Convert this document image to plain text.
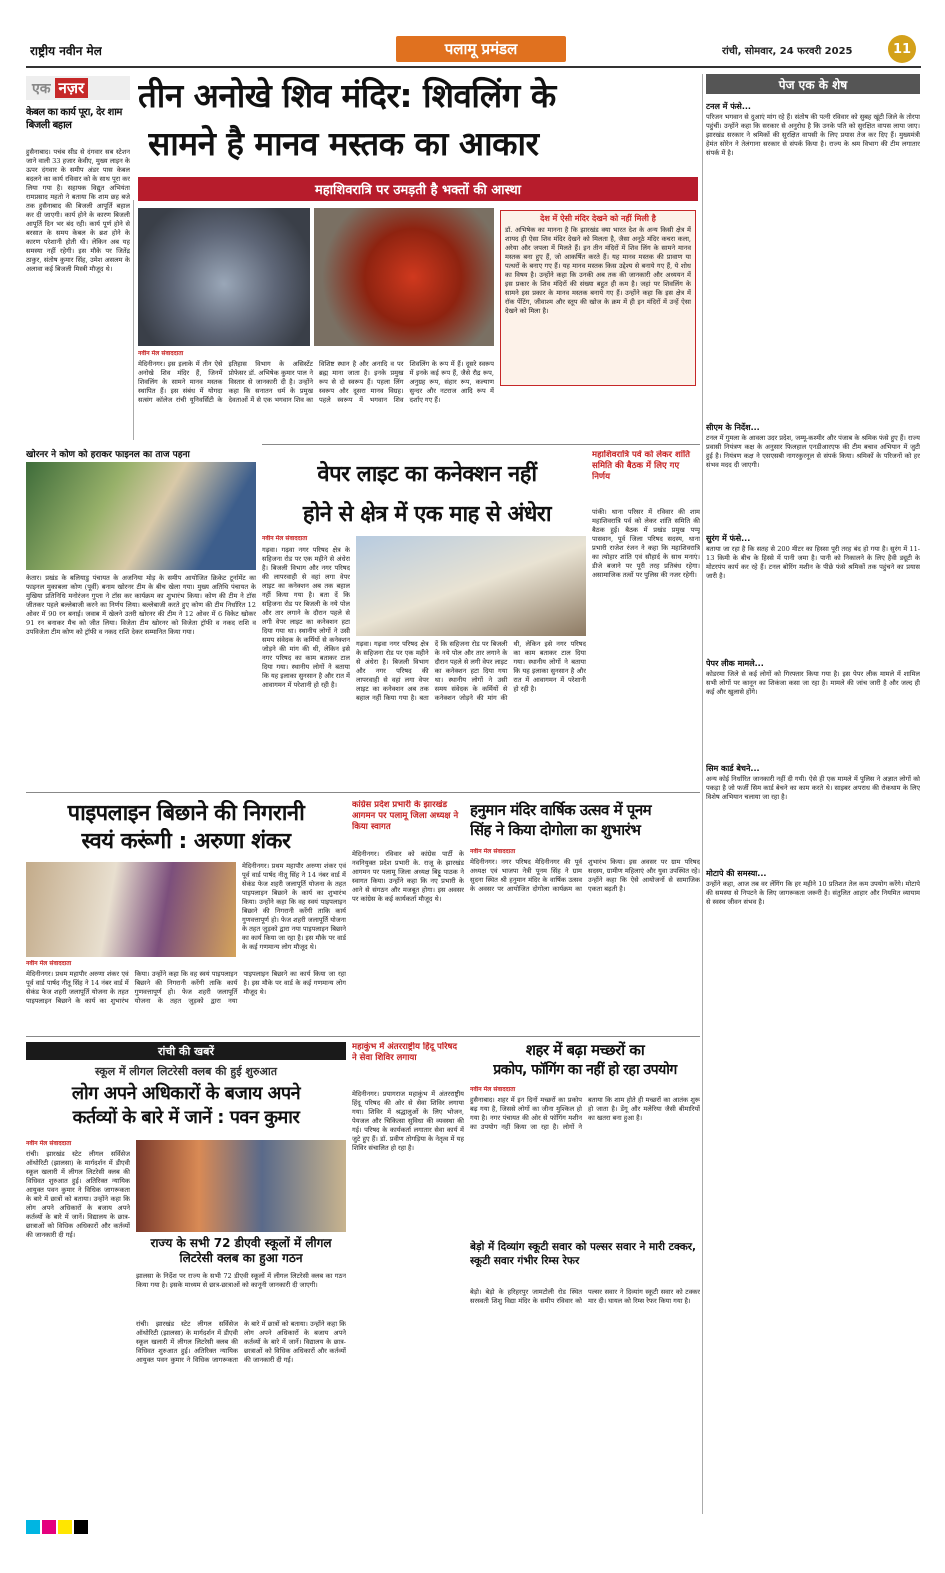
राष्ट्रीय नवीन मेल	पलामू प्रमंडल	रांची, सोमवार, 24 फरवरी 2025	11
एक नज़र
केबल का कार्य पूरा, देर शाम बिजली बहाल
हुसैनाबाद। पचंब सीड से दंगवार सब स्टेशन जाने वाली 33 हजार केवीए, मुख्य लाइन के ऊपर दंगवार के समीप अंडर पास केबल बदलने का कार्य रविवार को के साथ पूरा कर लिया गया है। सहायक विद्युत अभियंता रामप्रसाद महतो ने बताया कि शाम छह बजे तक हुसैनाबाद की बिजली आपूर्ति बहाल कर दी जाएगी। कार्य होने के कारण बिजली आपूर्ति दिन भर बंद रही। कार्य पूर्ण होने से बरसात के समय केबल के ब्रश होने के कारण परेशानी होती थी। लेकिन अब यह समस्या नहीं रहेगी। इस मौके पर जितेंद्र ठाकुर, संतोष कुमार सिंह, उमेश असलम के अलावा कई बिजली मिस्त्री मौजूद थे।
तीन अनोखे शिव मंदिर: शिवलिंग के
सामने है मानव मस्तक का आकार
महाशिवरात्रि पर उमड़ती है भक्तों की आस्था
देश में ऐसी मंदिर देखने को नहीं मिली है
डॉ. अभिषेक का मानना है कि झारखंड क्या भारत देश के अन्य किसी क्षेत्र में शायद ही ऐसा शिव मंदिर देखने को मिलता है, जैसा अनूठे मंदिर कचरा कला, अरेया और जपला में मिलते हैं। इन तीन मंदिरों में शिव लिंग के सामने मानव मस्तक बना हुए हैं, जो आकर्षित करते हैं। यह मानव मस्तक की प्रावाण या पत्थरों के बनाए गए हैं। यह मानव मस्तक किस उद्देश्य से बनाये गए हैं, ये शोध का विषय है। उन्होंने कहा कि उनकी अब तक की जानकारी और अध्ययन में इस प्रकार के शिव मंदिरों की संख्या बहुत ही कम है। जहां पर शिवलिंग के सामने इस प्रकार के मानव मस्तक बनाये गए हैं। उन्होंने कहा कि इस क्षेत्र में रॉक पेंटिंग, जीवाश्म और स्तूप की खोज के क्रम में ही इन मंदिरों में उन्हें ऐसा देखने को मिला है।
नवीन मेल संवाददाता
मेदिनीनगर। इस इलाके में तीन ऐसे अनोखे शिव मंदिर हैं, जिनमें शिवलिंग के सामने मानव मस्तक स्थापित हैं। इस संबंध में योगदा सत्संग कॉलेज रांची यूनिवर्सिटी के इतिहास विभाग के असिस्टेंट प्रोफेसर डॉ. अभिषेक कुमार पाल ने विस्तार से जानकारी दी है। उन्होंने कहा कि सनातन धर्म के प्रमुख देवताओं में से एक भगवान शिव का विशिष्ट स्थान है और अनादि व पर ब्रह्म माना जाता है। इनके प्रमुख रूप से दो स्वरूप हैं। पहला लिंग स्वरूप और दूसरा मानव विग्रह। पहले स्वरूप में भगवान शिव शिवलिंग के रूप में हैं। दूसरे स्वरूप में इनके कई रूप हैं, जैसे रौद्र रूप, अनुग्रह रूप, संहार रूप, कल्याण सुन्दर और नटराज आदि रूप में दर्शाए गए हैं।
खोरनर ने कोण को हराकर फाइनल का ताज पहना
केतार। प्रखंड के बलियाडु पंचायत के अजनिया मोड़ के समीप आयोजित क्रिकेट टूर्नामेंट का फाइनल मुकाबला कोण (पूर्वी) बनाम खोरनर टीम के बीच खेला गया। मुख्य अतिथि पंचायत के मुखिया प्रतिनिधि मनोरंजन गुप्ता ने टॉस कर कार्यक्रम का शुभारंभ किया। कोण की टीम ने टॉस जीतकर पहले बल्लेबाजी करने का निर्णय लिया। बल्लेबाजी करते हुए कोण की टीम निर्धारित 12 ओवर में 90 रन बनाई। जवाब में खेलने उतरी खोरनर की टीम ने 12 ओवर में 6 विकेट खोकर 91 रन बनाकर मैच को जीत लिया। विजेता टीम खोरनर को विजेता ट्रॉफी व नकद राशि व उपविजेता टीम कोण को ट्रॉफी व नकद राशि देकर सम्मानित किया गया।
वेपर लाइट का कनेक्शन नहीं
होने से क्षेत्र में एक माह से अंधेरा
नवीन मेल संवाददाता
गढ़वा। गढ़वा नगर परिषद क्षेत्र के सहिजना रोड पर एक महीने से अंधेरा है। बिजली विभाग और नगर परिषद की लापरवाही से वहां लगा वेपर लाइट का कनेक्शन अब तक बहाल नहीं किया गया है। बता दें कि सहिजना रोड पर बिजली के नये पोल और तार लगाने के दौरान पहले से लगी वेपर लाइट का कनेक्शन हटा दिया गया था। स्थानीय लोगों ने उसी समय संवेदक के कर्मियों से कनेक्शन जोड़ने की मांग की थी, लेकिन इसे नगर परिषद का काम बताकर टाल दिया गया। स्थानीय लोगों ने बताया कि यह इलाका सुनसान है और रात में आवागमन में परेशानी हो रही है।
गढ़वा। गढ़वा नगर परिषद क्षेत्र के सहिजना रोड पर एक महीने से अंधेरा है। बिजली विभाग और नगर परिषद की लापरवाही से वहां लगा वेपर लाइट का कनेक्शन अब तक बहाल नहीं किया गया है। बता दें कि सहिजना रोड पर बिजली के नये पोल और तार लगाने के दौरान पहले से लगी वेपर लाइट का कनेक्शन हटा दिया गया था। स्थानीय लोगों ने उसी समय संवेदक के कर्मियों से कनेक्शन जोड़ने की मांग की थी, लेकिन इसे नगर परिषद का काम बताकर टाल दिया गया। स्थानीय लोगों ने बताया कि यह इलाका सुनसान है और रात में आवागमन में परेशानी हो रही है।
महाशिवरात्रि पर्व को लेकर शांति समिति की बैठक में लिए गए निर्णय
पांकी। थाना परिसर में रविवार की शाम महाशिवरात्रि पर्व को लेकर शांति समिति की बैठक हुई। बैठक में प्रखंड प्रमुख पप्पू पासवान, पूर्व जिला परिषद सदस्य, थाना प्रभारी राजेश रंजन ने कहा कि महाशिवरात्रि का त्योहार शांति एवं सौहार्द के साथ मनाएं। डीजे बजाने पर पूरी तरह प्रतिबंध रहेगा। असामाजिक तत्वों पर पुलिस की नजर रहेगी।
पाइपलाइन बिछाने की निगरानी
स्वयं करूंगी : अरुणा शंकर
नवीन मेल संवाददाता
मेदिनीनगर। प्रथम महापौर अरुणा शंकर एवं पूर्व वार्ड पार्षद नीतू सिंह ने 14 नंबर वार्ड में सेकंड फेज शहरी जलापूर्ति योजना के तहत पाइपलाइन बिछाने के कार्य का शुभारंभ किया। उन्होंने कहा कि वह स्वयं पाइपलाइन बिछाने की निगरानी करेंगी ताकि कार्य गुणवत्तापूर्ण हो। फेज शहरी जलापूर्ति योजना के तहत जुड़को द्वारा नया पाइपलाइन बिछाने का कार्य किया जा रहा है। इस मौके पर वार्ड के कई गणमान्य लोग मौजूद थे।
मेदिनीनगर। प्रथम महापौर अरुणा शंकर एवं पूर्व वार्ड पार्षद नीतू सिंह ने 14 नंबर वार्ड में सेकंड फेज शहरी जलापूर्ति योजना के तहत पाइपलाइन बिछाने के कार्य का शुभारंभ किया। उन्होंने कहा कि वह स्वयं पाइपलाइन बिछाने की निगरानी करेंगी ताकि कार्य गुणवत्तापूर्ण हो। फेज शहरी जलापूर्ति योजना के तहत जुड़को द्वारा नया पाइपलाइन बिछाने का कार्य किया जा रहा है। इस मौके पर वार्ड के कई गणमान्य लोग मौजूद थे।
कांग्रेस प्रदेश प्रभारी के झारखंड आगमन पर पलामू जिला अध्यक्ष ने किया स्वागत
मेदिनीनगर। रविवार को कांग्रेस पार्टी के नवनियुक्त प्रदेश प्रभारी के. राजू के झारखंड आगमन पर पलामू जिला अध्यक्ष बिट्टू पाठक ने स्वागत किया। उन्होंने कहा कि नए प्रभारी के आने से संगठन और मजबूत होगा। इस अवसर पर कांग्रेस के कई कार्यकर्ता मौजूद थे।
हनुमान मंदिर वार्षिक उत्सव में पूनम
सिंह ने किया दोगोला का शुभारंभ
नवीन मेल संवाददाता
मेदिनीनगर। नगर परिषद मेदिनीनगर की पूर्व अध्यक्ष एवं भाजपा नेत्री पूनम सिंह ने ग्राम सुदना स्थित श्री हनुमान मंदिर के वार्षिक उत्सव के अवसर पर आयोजित दोगोला कार्यक्रम का शुभारंभ किया। इस अवसर पर ग्राम परिषद सदस्य, ग्रामीण महिलाएं और युवा उपस्थित रहे। उन्होंने कहा कि ऐसे आयोजनों से सामाजिक एकता बढ़ती है।
रांची की खबरें
स्कूल में लीगल लिटरेसी क्लब की हुई शुरुआत
लोग अपने अधिकारों के बजाय अपने
कर्तव्यों के बारे में जानें : पवन कुमार
नवीन मेल संवाददाता
रांची। झारखंड स्टेट लीगल सर्विसेज ऑथोरिटी (झालसा) के मार्गदर्शन में डीएवी स्कूल खलारी में लीगल लिटरेसी क्लब की विधिवत शुरुआत हुई। अतिरिक्त न्यायिक आयुक्त पवन कुमार ने विधिक जागरूकता के बारे में छात्रों को बताया। उन्होंने कहा कि लोग अपने अधिकारों के बजाय अपने कर्तव्यों के बारे में जानें। विद्यालय के छात्र-छात्राओं को विधिक अधिकारों और कर्तव्यों की जानकारी दी गई।
राज्य के सभी 72 डीएवी स्कूलों में लीगल लिटरेसी क्लब का हुआ गठन
झालसा के निर्देश पर राज्य के सभी 72 डीएवी स्कूलों में लीगल लिटरेसी क्लब का गठन किया गया है। इसके माध्यम से छात्र-छात्राओं को कानूनी जानकारी दी जाएगी।
रांची। झारखंड स्टेट लीगल सर्विसेज ऑथोरिटी (झालसा) के मार्गदर्शन में डीएवी स्कूल खलारी में लीगल लिटरेसी क्लब की विधिवत शुरुआत हुई। अतिरिक्त न्यायिक आयुक्त पवन कुमार ने विधिक जागरूकता के बारे में छात्रों को बताया। उन्होंने कहा कि लोग अपने अधिकारों के बजाय अपने कर्तव्यों के बारे में जानें। विद्यालय के छात्र-छात्राओं को विधिक अधिकारों और कर्तव्यों की जानकारी दी गई।
महाकुंभ में अंतरराष्ट्रीय हिंदू परिषद ने सेवा शिविर लगाया
मेदिनीनगर। प्रयागराज महाकुंभ में अंतरराष्ट्रीय हिंदू परिषद की ओर से सेवा शिविर लगाया गया। शिविर में श्रद्धालुओं के लिए भोजन, पेयजल और चिकित्सा सुविधा की व्यवस्था की गई। परिषद के कार्यकर्ता लगातार सेवा कार्य में जुटे हुए हैं। डॉ. प्रवीण तोगड़िया के नेतृत्व में यह शिविर संचालित हो रहा है।
शहर में बढ़ा मच्छरों का
प्रकोप, फॉगिंग का नहीं हो रहा उपयोग
नवीन मेल संवाददाता
हुसैनाबाद। शहर में इन दिनों मच्छरों का प्रकोप बढ़ गया है, जिससे लोगों का जीना मुश्किल हो गया है। नगर पंचायत की ओर से फॉगिंग मशीन का उपयोग नहीं किया जा रहा है। लोगों ने बताया कि शाम होते ही मच्छरों का आतंक शुरू हो जाता है। डेंगू और मलेरिया जैसी बीमारियों का खतरा बना हुआ है।
बेड़ो में दिव्यांग स्कूटी सवार को पल्सर सवार ने मारी टक्कर, स्कूटी सवार गंभीर रिम्स रेफर
बेड़ो। बेड़ो के हरिहरपुर जामटोली रोड स्थित सरस्वती शिशु विद्या मंदिर के समीप रविवार को पल्सर सवार ने दिव्यांग स्कूटी सवार को टक्कर मार दी। घायल को रिम्स रेफर किया गया है।
पेज एक के शेष
टनल में फंसे...
परिजन भगवान से दुआएं मांग रहे हैं। संतोष की पत्नी रविवार को सुबह खूंटी जिले के तोरपा पहुंचीं। उन्होंने कहा कि सरकार से अनुरोध है कि उनके पति को सुरक्षित वापस लाया जाए। झारखंड सरकार ने श्रमिकों की सुरक्षित वापसी के लिए प्रयास तेज कर दिए हैं। मुख्यमंत्री हेमंत सोरेन ने तेलंगाना सरकार से संपर्क किया है। राज्य के श्रम विभाग की टीम लगातार संपर्क में है।
सीएम के निर्देश...
टनल में गुमला के आवला उदर प्रदेश, जम्मू-कश्मीर और पंजाब के श्रमिक फंसे हुए हैं। राज्य प्रवासी नियंत्रण कक्ष के अनुसार फिलहाल एनडीआरएफ की टीम बचाव अभियान में जुटी हुई है। नियंत्रण कक्ष ने एसएसबी नागरकुरनूल से संपर्क किया। श्रमिकों के परिजनों को हर संभव मदद दी जाएगी।
सुरंग में फंसे...
बताया जा रहा है कि सतह से 200 मीटर का हिस्सा पूरी तरह बंद हो गया है। सुरंग में 11-13 किमी के बीच के हिस्से में पानी जमा है। पानी को निकालने के लिए हैवी ड्यूटी के मोटरपंप कार्य कर रहे हैं। टनल बोरिंग मशीन के पीछे फंसे श्रमिकों तक पहुंचने का प्रयास जारी है।
पेपर लीक मामले...
कोडरमा जिले से कई लोगों को गिरफ्तार किया गया है। इस पेपर लीक मामले में शामिल सभी लोगों पर कानून का शिकंजा कसा जा रहा है। मामले की जांच जारी है और जल्द ही कई और खुलासे होंगे।
सिम कार्ड बेचने...
अन्य कोई निर्धारित जानकारी नहीं दी गयी। ऐसे ही एक मामले में पुलिस ने अज्ञात लोगों को पकड़ा है जो फर्जी सिम कार्ड बेचने का काम करते थे। साइबर अपराध की रोकथाम के लिए विशेष अभियान चलाया जा रहा है।
मोटापे की समस्या...
उन्होंने कहा, आज तब वर लेंगिंग कि हर महीने 10 प्रतिशत तेल कम उपयोग करेंगे। मोटापे की समस्या से निपटने के लिए जागरूकता जरूरी है। संतुलित आहार और नियमित व्यायाम से स्वस्थ जीवन संभव है।
